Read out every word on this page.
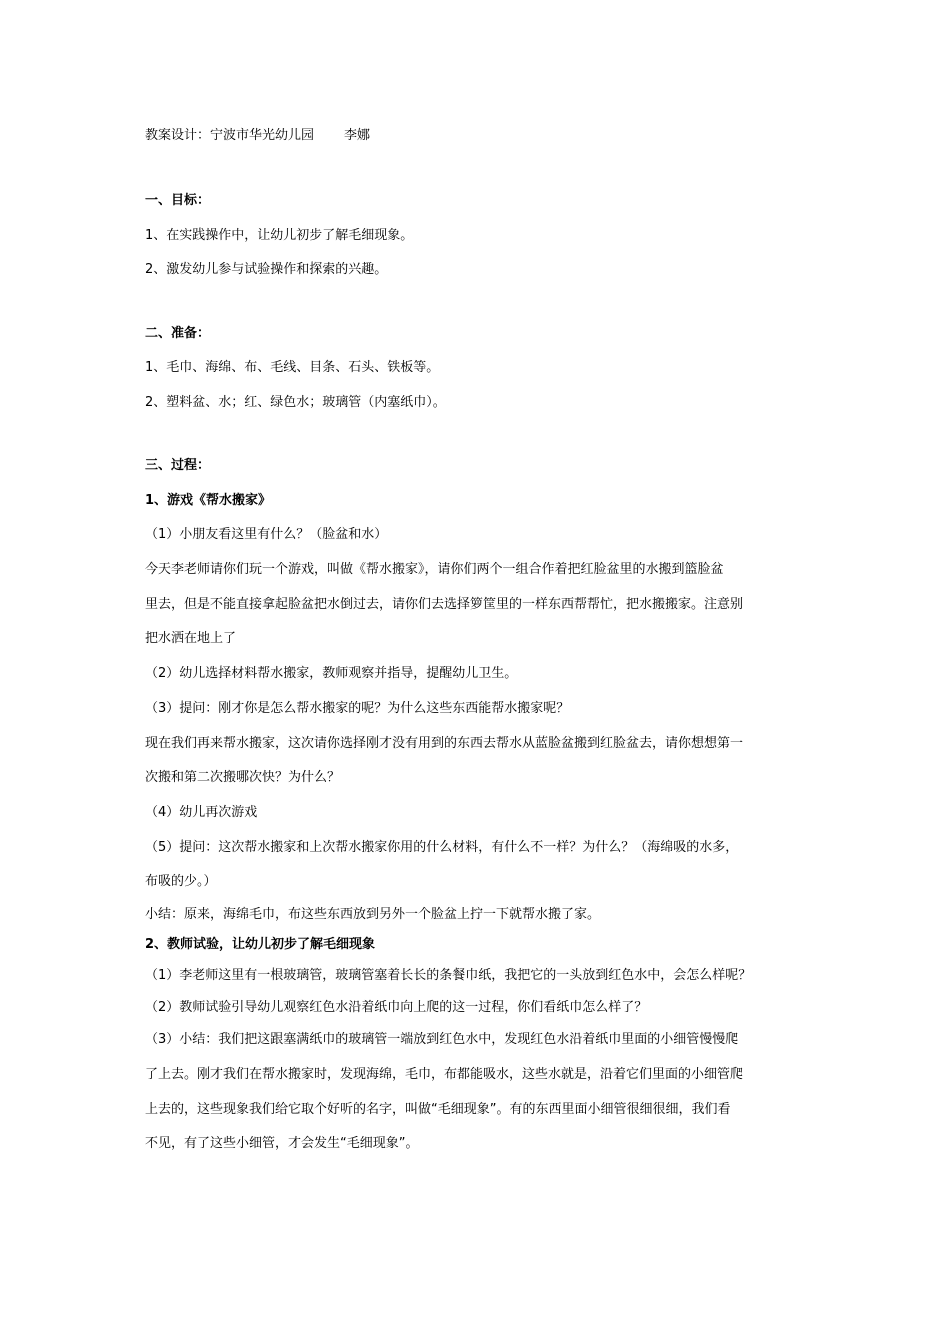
教案设计：宁波市华光幼儿园 李娜

一、目标：

1、在实践操作中，让幼儿初步了解毛细现象。

2、激发幼儿参与试验操作和探索的兴趣。

二、准备：

1、毛巾、海绵、布、毛线、目条、石头、铁板等。

2、塑料盆、水；红、绿色水；玻璃管（内塞纸巾）。

三、过程：

1、游戏《帮水搬家》

（1）小朋友看这里有什么？（脸盆和水）

今天李老师请你们玩一个游戏，叫做《帮水搬家》，请你们两个一组合作着把红脸盆里的水搬到篮脸盆

里去，但是不能直接拿起脸盆把水倒过去，请你们去选择箩筐里的一样东西帮帮忙，把水搬搬家。注意别

把水洒在地上了

（2）幼儿选择材料帮水搬家，教师观察并指导，提醒幼儿卫生。

（3）提问：刚才你是怎么帮水搬家的呢？为什么这些东西能帮水搬家呢？

现在我们再来帮水搬家，这次请你选择刚才没有用到的东西去帮水从蓝脸盆搬到红脸盆去，请你想想第一

次搬和第二次搬哪次快？为什么？

（4）幼儿再次游戏

（5）提问：这次帮水搬家和上次帮水搬家你用的什么材料，有什么不一样？为什么？（海绵吸的水多，

布吸的少。）

小结：原来，海绵毛巾，布这些东西放到另外一个脸盆上拧一下就帮水搬了家。

2、教师试验，让幼儿初步了解毛细现象

（1）李老师这里有一根玻璃管，玻璃管塞着长长的条餐巾纸，我把它的一头放到红色水中，会怎么样呢？

（2）教师试验引导幼儿观察红色水沿着纸巾向上爬的这一过程，你们看纸巾怎么样了？

（3）小结：我们把这跟塞满纸巾的玻璃管一端放到红色水中，发现红色水沿着纸巾里面的小细管慢慢爬

了上去。刚才我们在帮水搬家时，发现海绵，毛巾，布都能吸水，这些水就是，沿着它们里面的小细管爬

上去的，这些现象我们给它取个好听的名字，叫做“毛细现象”。有的东西里面小细管很细很细，我们看

不见，有了这些小细管，才会发生“毛细现象”。
